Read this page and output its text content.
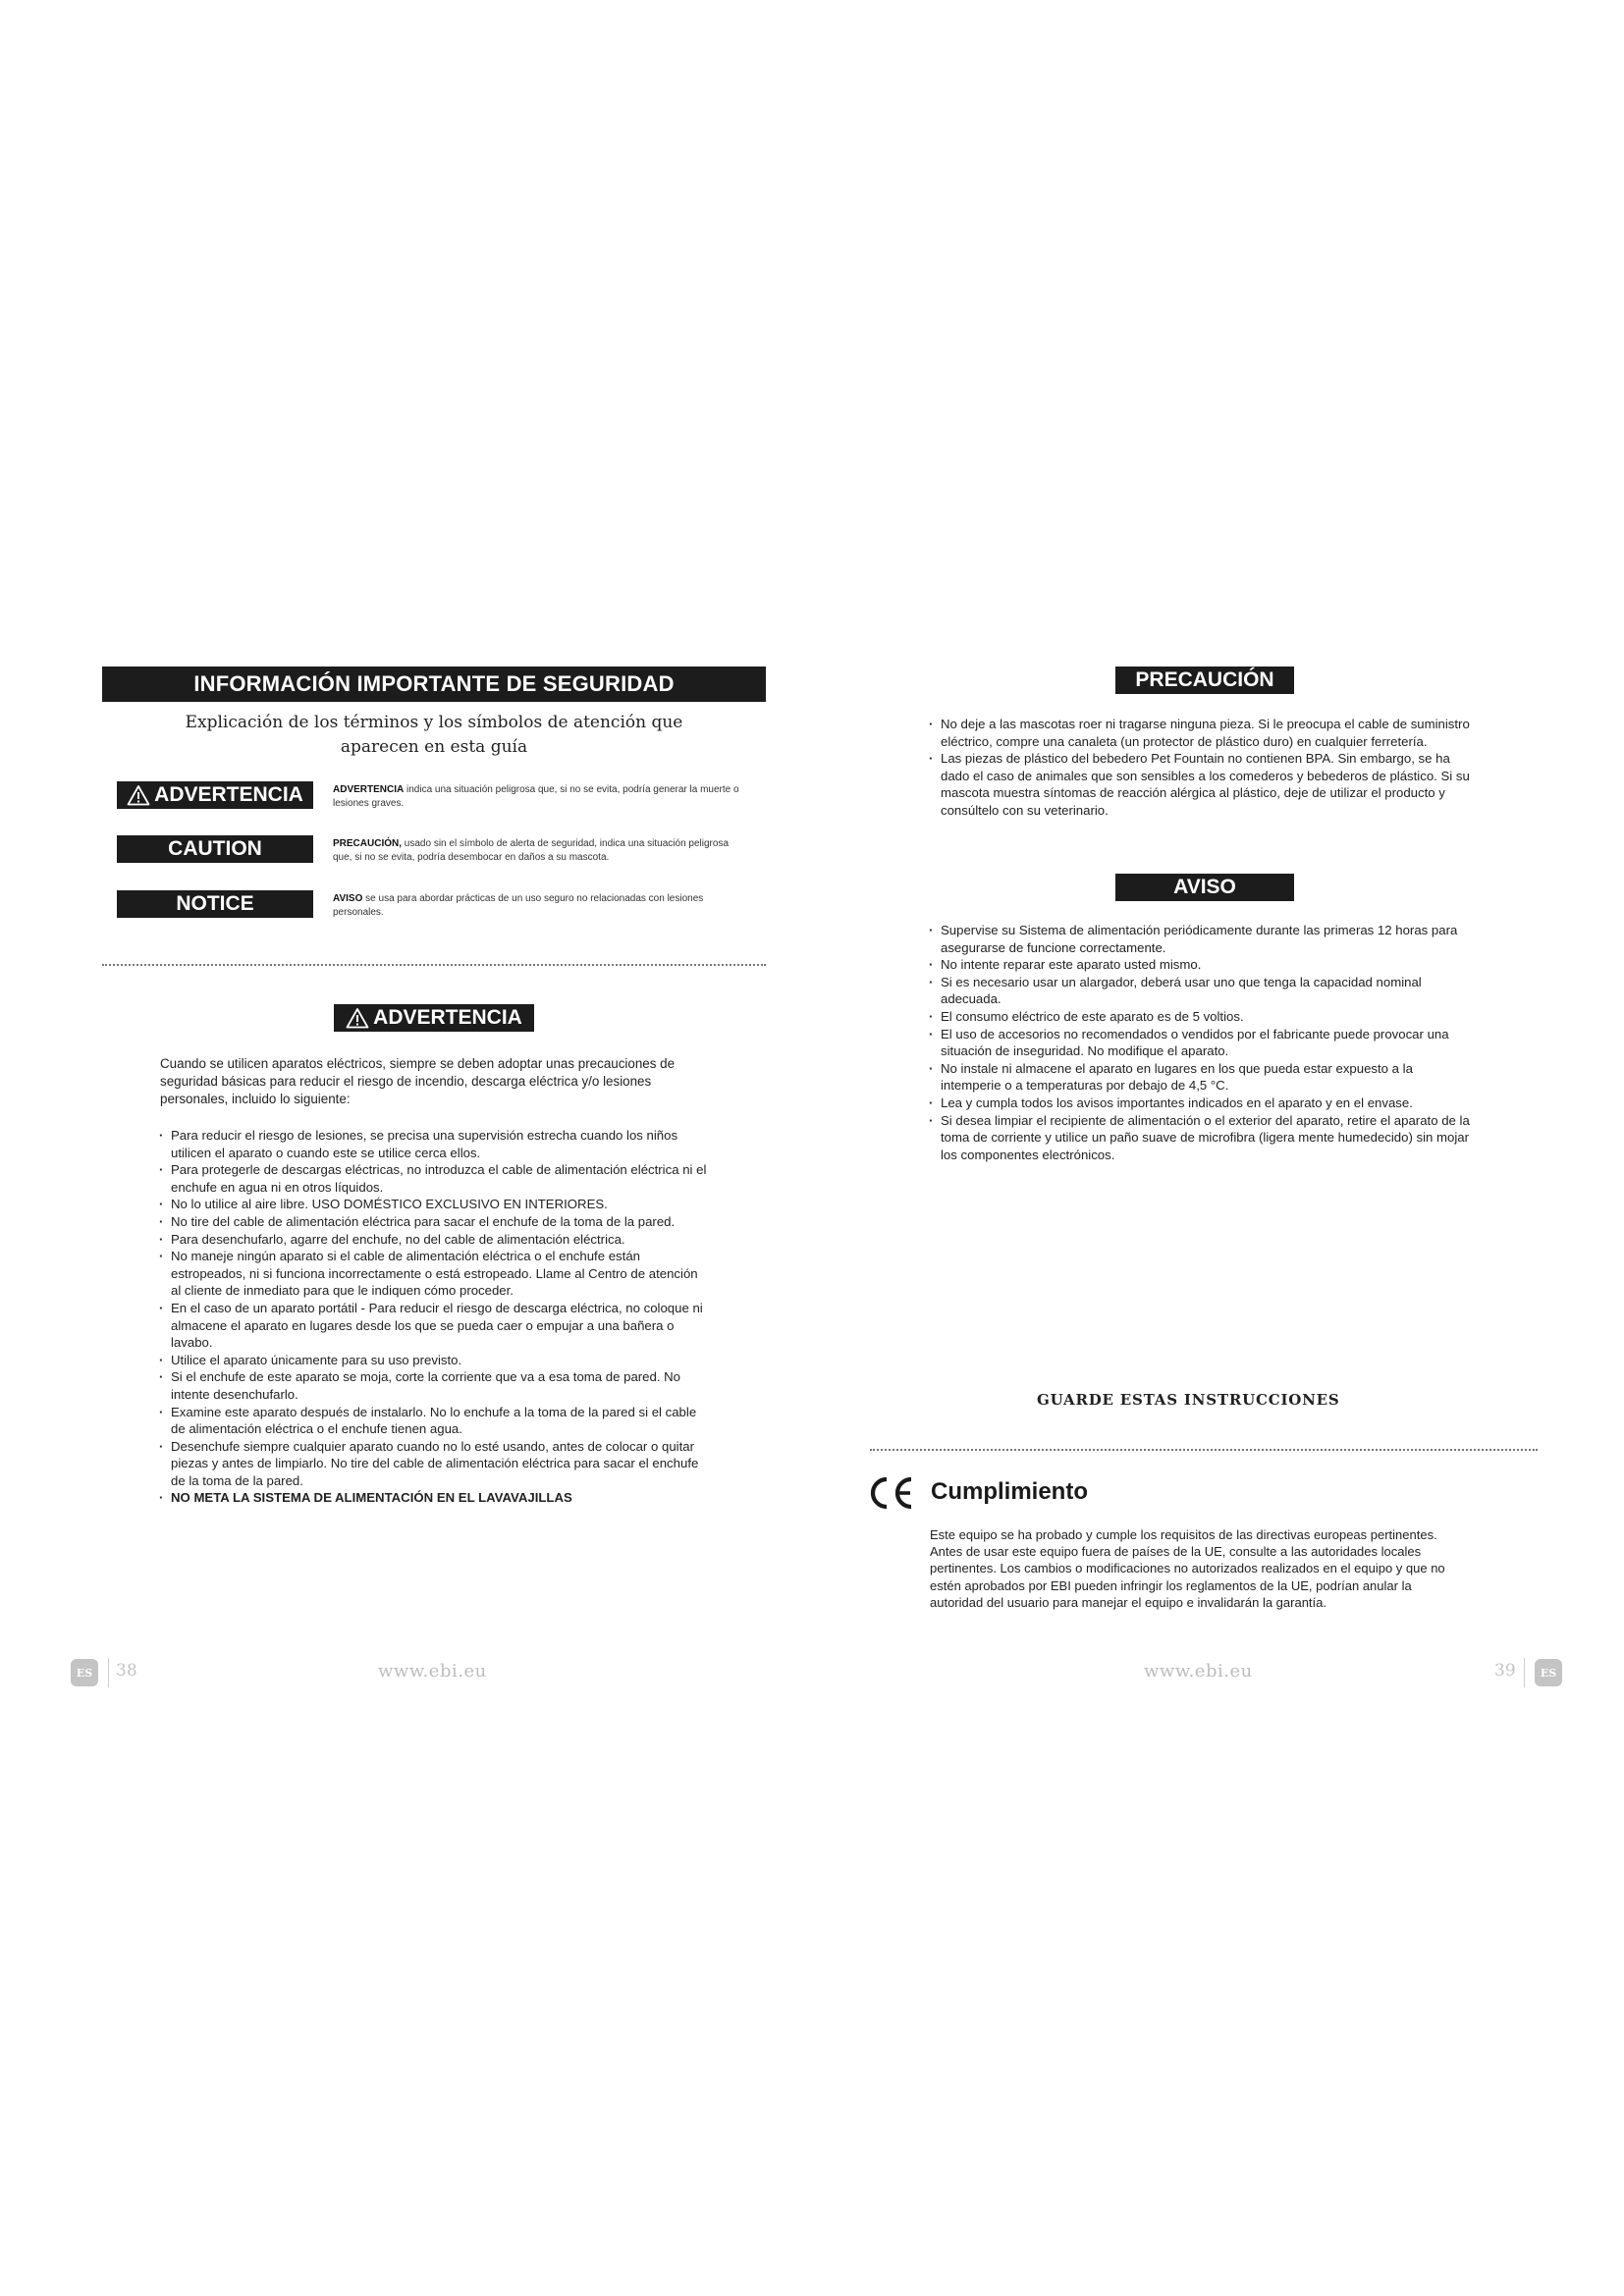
INFORMACIÓN IMPORTANTE DE SEGURIDAD
Explicación de los términos y los símbolos de atención que
aparecen en esta guía
ADVERTENCIA	ADVERTENCIA indica una situación peligrosa que, si no se evita, podría generar la muerte o lesiones graves.
CAUTION	PRECAUCIÓN, usado sin el símbolo de alerta de seguridad, indica una situación peligrosa que, si no se evita, podría desembocar en daños a su mascota.
NOTICE	AVISO se usa para abordar prácticas de un uso seguro no relacionadas con lesiones personales.
ADVERTENCIA
Cuando se utilicen aparatos eléctricos, siempre se deben adoptar unas precauciones de seguridad básicas para reducir el riesgo de incendio, descarga eléctrica y/o lesiones personales, incluido lo siguiente:
· Para reducir el riesgo de lesiones, se precisa una supervisión estrecha cuando los niños utilicen el aparato o cuando este se utilice cerca ellos.
· Para protegerle de descargas eléctricas, no introduzca el cable de alimentación eléctrica ni el enchufe en agua ni en otros líquidos.
· No lo utilice al aire libre. USO DOMÉSTICO EXCLUSIVO EN INTERIORES.
· No tire del cable de alimentación eléctrica para sacar el enchufe de la toma de la pared.
· Para desenchufarlo, agarre del enchufe, no del cable de alimentación eléctrica.
· No maneje ningún aparato si el cable de alimentación eléctrica o el enchufe están estropeados, ni si funciona incorrectamente o está estropeado. Llame al Centro de atención al cliente de inmediato para que le indiquen cómo proceder.
· En el caso de un aparato portátil - Para reducir el riesgo de descarga eléctrica, no coloque ni almacene el aparato en lugares desde los que se pueda caer o empujar a una bañera o lavabo.
· Utilice el aparato únicamente para su uso previsto.
· Si el enchufe de este aparato se moja, corte la corriente que va a esa toma de pared. No intente desenchufarlo.
· Examine este aparato después de instalarlo. No lo enchufe a la toma de la pared si el cable de alimentación eléctrica o el enchufe tienen agua.
· Desenchufe siempre cualquier aparato cuando no lo esté usando, antes de colocar o quitar piezas y antes de limpiarlo. No tire del cable de alimentación eléctrica para sacar el enchufe de la toma de la pared.
· NO META LA SISTEMA DE ALIMENTACIÓN EN EL LAVAVAJILLAS
ES	38	www.ebi.eu
PRECAUCIÓN
· No deje a las mascotas roer ni tragarse ninguna pieza. Si le preocupa el cable de suministro eléctrico, compre una canaleta (un protector de plástico duro) en cualquier ferretería.
· Las piezas de plástico del bebedero Pet Fountain no contienen BPA. Sin embargo, se ha dado el caso de animales que son sensibles a los comederos y bebederos de plástico. Si su mascota muestra síntomas de reacción alérgica al plástico, deje de utilizar el producto y consúltelo con su veterinario.
AVISO
· Supervise su Sistema de alimentación periódicamente durante las primeras 12 horas para asegurarse de funcione correctamente.
· No intente reparar este aparato usted mismo.
· Si es necesario usar un alargador, deberá usar uno que tenga la capacidad nominal adecuada.
· El consumo eléctrico de este aparato es de 5 voltios.
· El uso de accesorios no recomendados o vendidos por el fabricante puede provocar una situación de inseguridad. No modifique el aparato.
· No instale ni almacene el aparato en lugares en los que pueda estar expuesto a la intemperie o a temperaturas por debajo de 4,5 °C.
· Lea y cumpla todos los avisos importantes indicados en el aparato y en el envase.
· Si desea limpiar el recipiente de alimentación o el exterior del aparato, retire el aparato de la toma de corriente y utilice un paño suave de microfibra (ligera mente humedecido) sin mojar los componentes electrónicos.
GUARDE ESTAS INSTRUCCIONES
Cumplimiento
Este equipo se ha probado y cumple los requisitos de las directivas europeas pertinentes. Antes de usar este equipo fuera de países de la UE, consulte a las autoridades locales pertinentes. Los cambios o modificaciones no autorizados realizados en el equipo y que no estén aprobados por EBI pueden infringir los reglamentos de la UE, podrían anular la autoridad del usuario para manejar el equipo e invalidarán la garantía.
www.ebi.eu	39	ES
